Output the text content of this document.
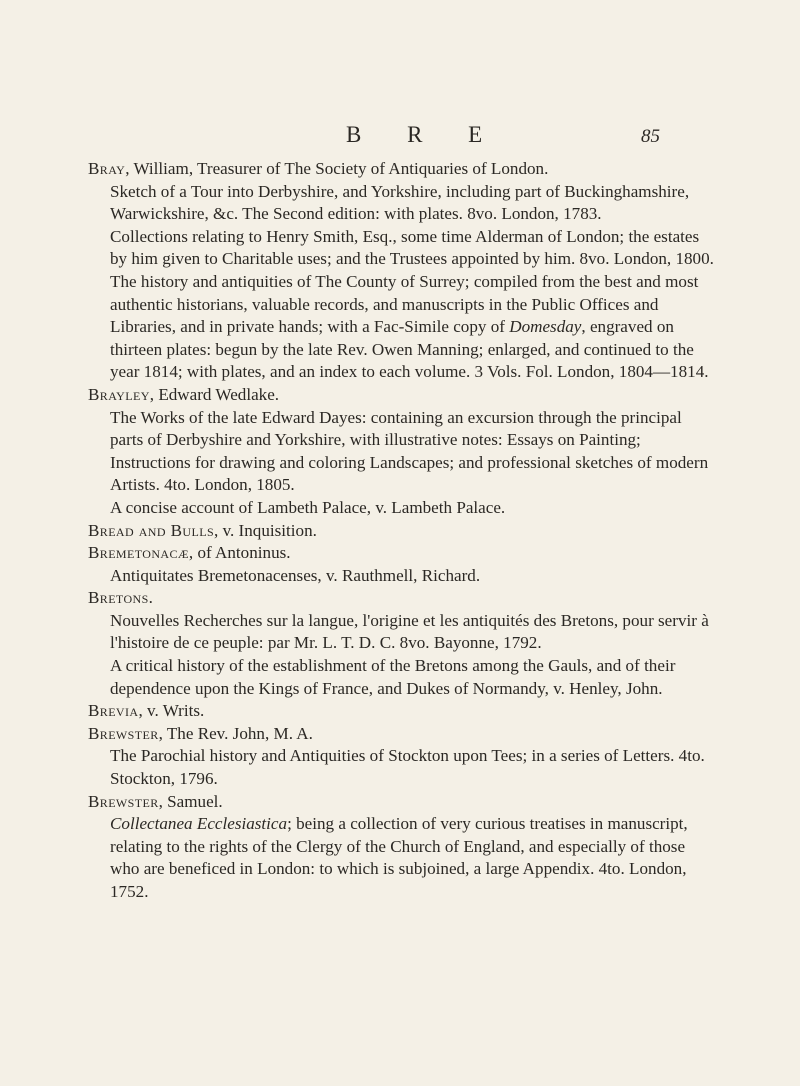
B R E	85

Bray, William, Treasurer of The Society of Antiquaries of London.

Sketch of a Tour into Derbyshire, and Yorkshire, including part of Buckinghamshire, Warwickshire, &c. The Second edition: with plates. 8vo. London, 1783.

Collections relating to Henry Smith, Esq., some time Alderman of London; the estates by him given to Charitable uses; and the Trustees appointed by him. 8vo. London, 1800.

The history and antiquities of The County of Surrey; compiled from the best and most authentic historians, valuable records, and manuscripts in the Public Offices and Libraries, and in private hands; with a Fac-Simile copy of Domesday, engraved on thirteen plates: begun by the late Rev. Owen Manning; enlarged, and continued to the year 1814; with plates, and an index to each volume. 3 Vols. Fol. London, 1804—1814.

Brayley, Edward Wedlake.

The Works of the late Edward Dayes: containing an excursion through the principal parts of Derbyshire and Yorkshire, with illustrative notes: Essays on Painting; Instructions for drawing and coloring Landscapes; and professional sketches of modern Artists. 4to. London, 1805.

A concise account of Lambeth Palace, v. Lambeth Palace.

Bread and Bulls, v. Inquisition.

Bremetonacæ, of Antoninus.

Antiquitates Bremetonacenses, v. Rauthmell, Richard.

Bretons.

Nouvelles Recherches sur la langue, l'origine et les antiquités des Bretons, pour servir à l'histoire de ce peuple: par Mr. L. T. D. C. 8vo. Bayonne, 1792.

A critical history of the establishment of the Bretons among the Gauls, and of their dependence upon the Kings of France, and Dukes of Normandy, v. Henley, John.

Brevia, v. Writs.

Brewster, The Rev. John, M. A.

The Parochial history and Antiquities of Stockton upon Tees; in a series of Letters. 4to. Stockton, 1796.

Brewster, Samuel.

Collectanea Ecclesiastica; being a collection of very curious treatises in manuscript, relating to the rights of the Clergy of the Church of England, and especially of those who are beneficed in London: to which is subjoined, a large Appendix. 4to. London, 1752.
